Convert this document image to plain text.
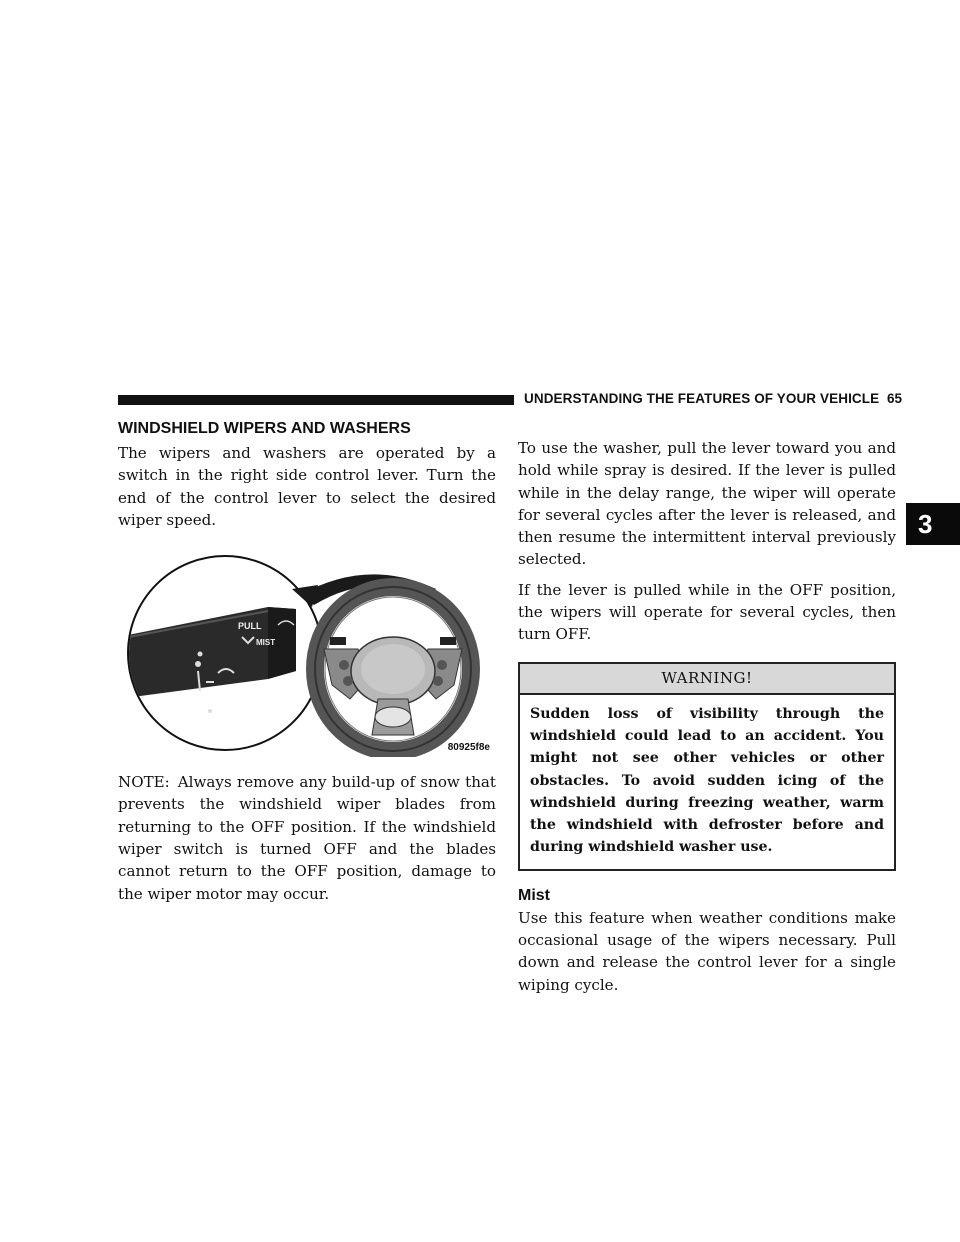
UNDERSTANDING THE FEATURES OF YOUR VEHICLE 65
3
WINDSHIELD WIPERS AND WASHERS

The wipers and washers are operated by a switch in the right side control lever. Turn the end of the control lever to select the desired wiper speed.

PULL
MIST
80925f8e

NOTE: Always remove any build-up of snow that prevents the windshield wiper blades from returning to the OFF position. If the windshield wiper switch is turned OFF and the blades cannot return to the OFF position, damage to the wiper motor may occur.

To use the washer, pull the lever toward you and hold while spray is desired. If the lever is pulled while in the delay range, the wiper will operate for several cycles after the lever is released, and then resume the intermittent interval previously selected.

If the lever is pulled while in the OFF position, the wipers will operate for several cycles, then turn OFF.

WARNING!

Sudden loss of visibility through the windshield could lead to an accident. You might not see other vehicles or other obstacles. To avoid sudden icing of the windshield during freezing weather, warm the windshield with defroster before and during windshield washer use.

Mist

Use this feature when weather conditions make occasional usage of the wipers necessary. Pull down and release the control lever for a single wiping cycle.
